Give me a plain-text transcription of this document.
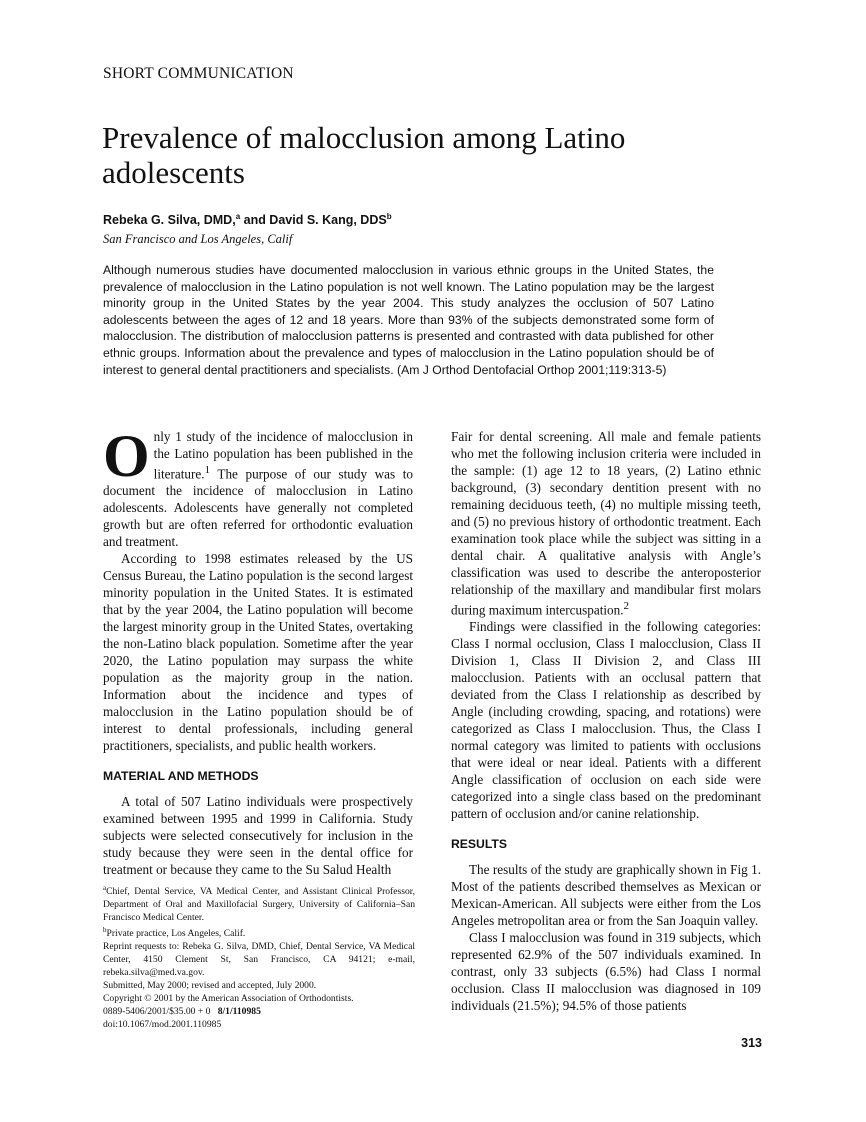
SHORT COMMUNICATION
Prevalence of malocclusion among Latino adolescents
Rebeka G. Silva, DMD,$^a$ and David S. Kang, DDS$^b$
San Francisco and Los Angeles, Calif
Although numerous studies have documented malocclusion in various ethnic groups in the United States, the prevalence of malocclusion in the Latino population is not well known. The Latino population may be the largest minority group in the United States by the year 2004. This study analyzes the occlusion of 507 Latino adolescents between the ages of 12 and 18 years. More than 93% of the subjects demonstrated some form of malocclusion. The distribution of malocclusion patterns is presented and contrasted with data published for other ethnic groups. Information about the prevalence and types of malocclusion in the Latino population should be of interest to general dental practitioners and specialists. (Am J Orthod Dentofacial Orthop 2001;119:313-5)

Only 1 study of the incidence of malocclusion in the Latino population has been published in the literature.$^1$ The purpose of our study was to document the incidence of malocclusion in Latino adolescents. Adolescents have generally not completed growth but are often referred for orthodontic evaluation and treatment.

According to 1998 estimates released by the US Census Bureau, the Latino population is the second largest minority population in the United States. It is estimated that by the year 2004, the Latino population will become the largest minority group in the United States, overtaking the non-Latino black population. Sometime after the year 2020, the Latino population may surpass the white population as the majority group in the nation. Information about the incidence and types of malocclusion in the Latino population should be of interest to dental professionals, including general practitioners, specialists, and public health workers.

MATERIAL AND METHODS

A total of 507 Latino individuals were prospectively examined between 1995 and 1999 in California. Study subjects were selected consecutively for inclusion in the study because they were seen in the dental office for treatment or because they came to the Su Salud Health

Fair for dental screening. All male and female patients who met the following inclusion criteria were included in the sample: (1) age 12 to 18 years, (2) Latino ethnic background, (3) secondary dentition present with no remaining deciduous teeth, (4) no multiple missing teeth, and (5) no previous history of orthodontic treatment. Each examination took place while the subject was sitting in a dental chair. A qualitative analysis with Angle’s classification was used to describe the anteroposterior relationship of the maxillary and mandibular first molars during maximum intercuspation.$^2$

Findings were classified in the following categories: Class I normal occlusion, Class I malocclusion, Class II Division 1, Class II Division 2, and Class III malocclusion. Patients with an occlusal pattern that deviated from the Class I relationship as described by Angle (including crowding, spacing, and rotations) were categorized as Class I malocclusion. Thus, the Class I normal category was limited to patients with occlusions that were ideal or near ideal. Patients with a different Angle classification of occlusion on each side were categorized into a single class based on the predominant pattern of occlusion and/or canine relationship.

RESULTS

The results of the study are graphically shown in Fig 1. Most of the patients described themselves as Mexican or Mexican-American. All subjects were either from the Los Angeles metropolitan area or from the San Joaquin valley.

Class I malocclusion was found in 319 subjects, which represented 62.9% of the 507 individuals examined. In contrast, only 33 subjects (6.5%) had Class I normal occlusion. Class II malocclusion was diagnosed in 109 individuals (21.5%); 94.5% of those patients

$^a$Chief, Dental Service, VA Medical Center, and Assistant Clinical Professor, Department of Oral and Maxillofacial Surgery, University of California–San Francisco Medical Center.
$^b$Private practice, Los Angeles, Calif.
Reprint requests to: Rebeka G. Silva, DMD, Chief, Dental Service, VA Medical Center, 4150 Clement St, San Francisco, CA 94121; e-mail, rebeka.silva@med.va.gov.
Submitted, May 2000; revised and accepted, July 2000.
Copyright © 2001 by the American Association of Orthodontists.
0889-5406/2001/$35.00 + 0 8/1/110985
doi:10.1067/mod.2001.110985
313
